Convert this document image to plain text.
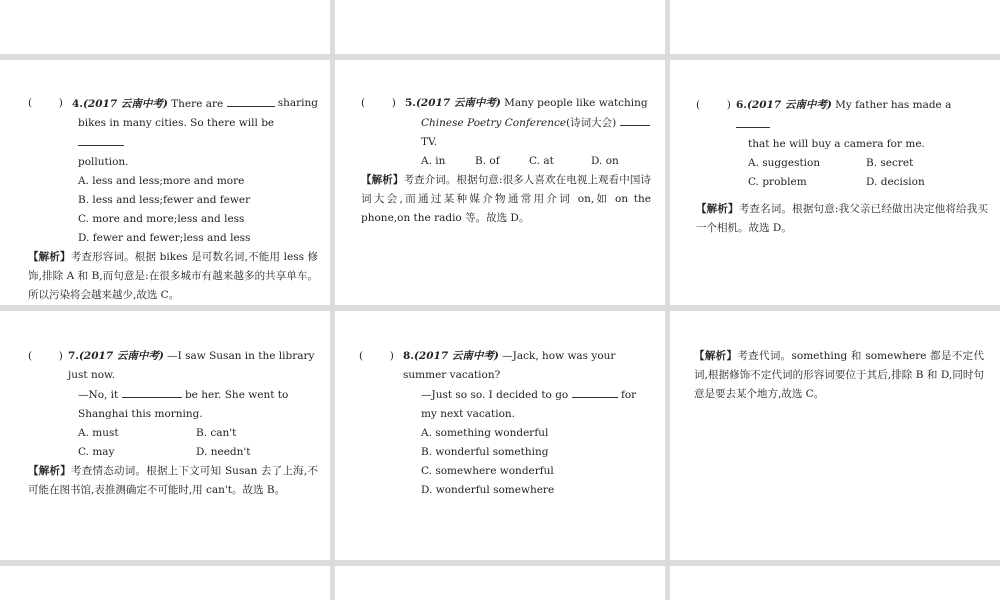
(        ) 4.(2017 云南中考) There are	sharing
bikes in many cities. So there will be
pollution.
A. less and less;more and more
B. less and less;fewer and fewer
C. more and more;less and less
D. fewer and fewer;less and less
【解析】考查形容词。根据 bikes 是可数名词,不能用 less 修饰,排除 A 和 B,而句意是:在很多城市有越来越多的共享单车。所以污染将会越来越少,故选 C。
(        ) 5.(2017 云南中考) Many people like watching
Chinese Poetry Conference(诗词大会)  TV.
A. in	B. of	C. at	D. on
【解析】考查介词。根据句意:很多人喜欢在电视上观看中国诗词大会,而通过某种媒介物通常用介词 on,如 on the phone,on the radio 等。故选 D。
(        ) 6.(2017 云南中考) My father has made a
that he will buy a camera for me.
A. suggestion	B. secret
C. problem	D. decision
【解析】考查名词。根据句意:我父亲已经做出决定他将给我买一个相机。故选 D。
(        ) 7.(2017 云南中考) —I saw Susan in the library just now.
—No, it	be her. She went to Shanghai this morning.
A. must	B. can't
C. may	D. needn't
【解析】考查情态动词。根据上下文可知 Susan 去了上海,不可能在图书馆,表推测确定不可能时,用 can't。故选 B。
(        ) 8.(2017 云南中考) —Jack, how was your summer vacation?
—Just so so. I decided to go	for my next vacation.
A. something wonderful
B. wonderful something
C. somewhere wonderful
D. wonderful somewhere
【解析】考查代词。something 和 somewhere 都是不定代词,根据修饰不定代词的形容词要位于其后,排除 B 和 D,同时句意是要去某个地方,故选 C。
